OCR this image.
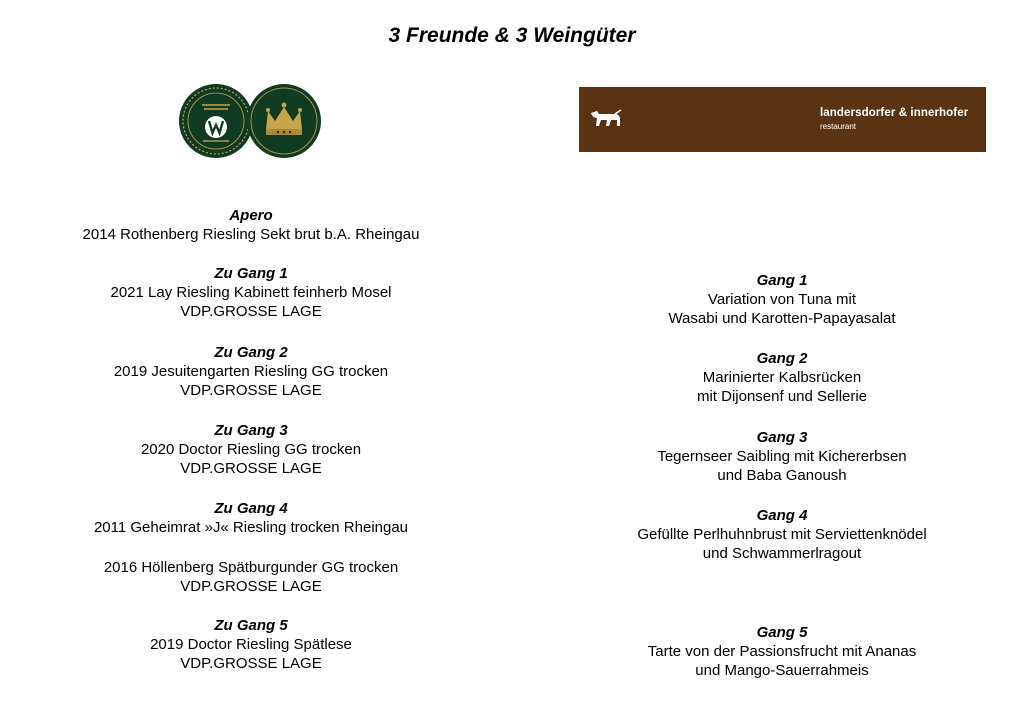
3 Freunde & 3 Weingüter
landersdorfer & innerhofer
restaurant
Apero
2014 Rothenberg Riesling Sekt brut b.A. Rheingau
Zu Gang 1
2021 Lay Riesling Kabinett feinherb Mosel
VDP.GROSSE LAGE
Zu Gang 2
2019 Jesuitengarten Riesling GG trocken
VDP.GROSSE LAGE
Zu Gang 3
2020 Doctor Riesling GG trocken
VDP.GROSSE LAGE
Zu Gang 4
2011 Geheimrat »J« Riesling trocken Rheingau
2016 Höllenberg Spätburgunder GG trocken
VDP.GROSSE LAGE
Zu Gang 5
2019 Doctor Riesling Spätlese
VDP.GROSSE LAGE
Gang 1
Variation von Tuna mit
Wasabi und Karotten-Papayasalat
Gang 2
Marinierter Kalbsrücken
mit Dijonsenf und Sellerie
Gang 3
Tegernseer Saibling mit Kichererbsen
und Baba Ganoush
Gang 4
Gefüllte Perlhuhnbrust mit Serviettenknödel
und Schwammerlragout
Gang 5
Tarte von der Passionsfrucht mit Ananas
und Mango-Sauerrahmeis
